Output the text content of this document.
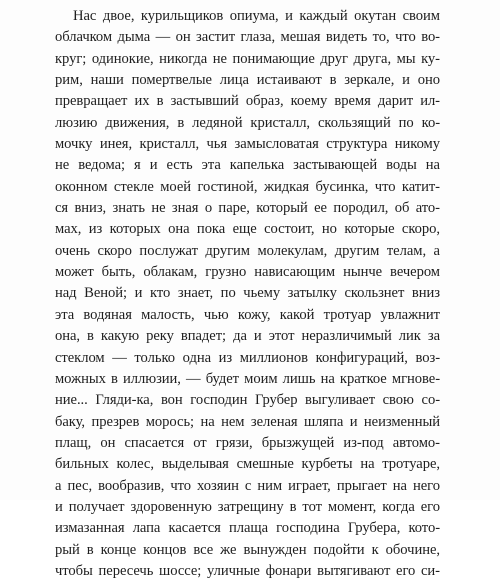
Нас двое, курильщиков опиума, и каждый окутан своим
облачком дыма — он застит глаза, мешая видеть то, что во-
круг; одинокие, никогда не понимающие друг друга, мы ку-
рим, наши помертвелые лица истаивают в зеркале, и оно
превращает их в застывший образ, коему время дарит ил-
люзию движения, в ледяной кристалл, скользящий по ко-
мочку инея, кристалл, чья замысловатая структура никому
не ведома; я и есть эта капелька застывающей воды на
оконном стекле моей гостиной, жидкая бусинка, что катит-
ся вниз, знать не зная о паре, который ее породил, об ато-
мах, из которых она пока еще состоит, но которые скоро,
очень скоро послужат другим молекулам, другим телам, а
может быть, облакам, грузно нависающим нынче вечером
над Веной; и кто знает, по чьему затылку скользнет вниз
эта водяная малость, чью кожу, какой тротуар увлажнит
она, в какую реку впадет; да и этот неразличимый лик за
стеклом — только одна из миллионов конфигураций, воз-
можных в иллюзии, — будет моим лишь на краткое мгнове-
ние... Гляди-ка, вон господин Грубер выгуливает свою со-
баку, презрев морось; на нем зеленая шляпа и неизменный
плащ, он спасается от грязи, брызжущей из-под автомо-
бильных колес, выделывая смешные курбеты на тротуаре,
а пес, вообразив, что хозяин с ним играет, прыгает на него
и получает здоровенную затрещину в тот момент, когда его
измазанная лапа касается плаща господина Грубера, кото-
рый в конце концов все же вынужден подойти к обочине,
чтобы пересечь шоссе; уличные фонари вытягивают его си-
